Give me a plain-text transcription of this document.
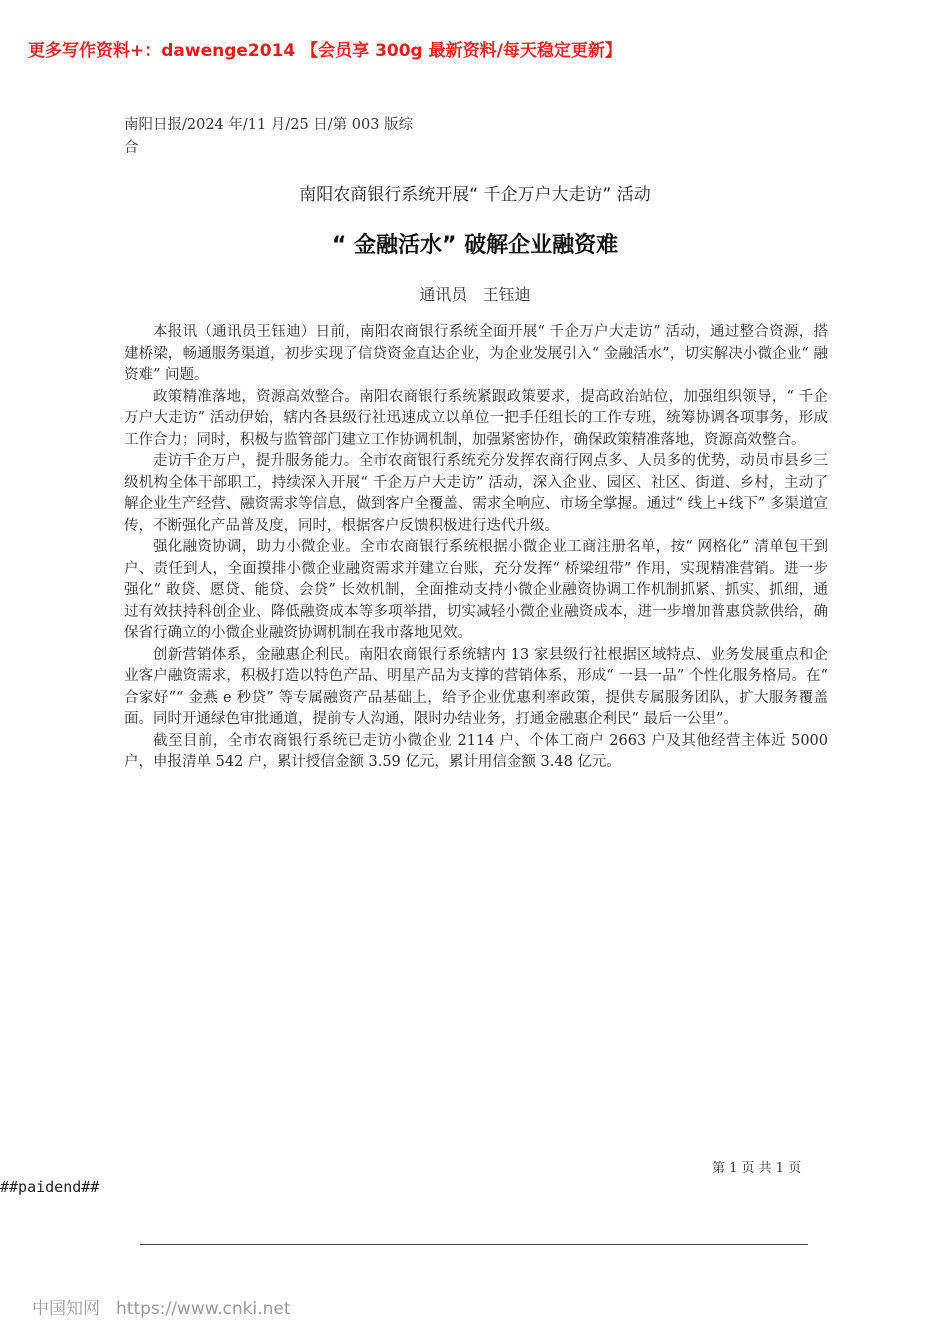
更多写作资料+：dawenge2014 【会员享 300g 最新资料/每天稳定更新】
南阳日报/2024 年/11 月/25 日/第 003 版综合
南阳农商银行系统开展“ 千企万户大走访” 活动
“ 金融活水” 破解企业融资难
通讯员   王钰迪

本报讯（通讯员王钰迪）日前，南阳农商银行系统全面开展“ 千企万户大走访” 活动，通过整合资源，搭建桥梁，畅通服务渠道，初步实现了信贷资金直达企业，为企业发展引入“ 金融活水”，切实解决小微企业“ 融资难” 问题。

政策精准落地，资源高效整合。南阳农商银行系统紧跟政策要求，提高政治站位，加强组织领导，“ 千企万户大走访” 活动伊始，辖内各县级行社迅速成立以单位一把手任组长的工作专班，统筹协调各项事务，形成工作合力；同时，积极与监管部门建立工作协调机制，加强紧密协作，确保政策精准落地，资源高效整合。

走访千企万户，提升服务能力。全市农商银行系统充分发挥农商行网点多、人员多的优势，动员市县乡三级机构全体干部职工，持续深入开展“ 千企万户大走访” 活动，深入企业、园区、社区、街道、乡村，主动了解企业生产经营、融资需求等信息，做到客户全覆盖、需求全响应、市场全掌握。通过“ 线上+线下” 多渠道宣传，不断强化产品普及度，同时，根据客户反馈积极进行迭代升级。

强化融资协调，助力小微企业。全市农商银行系统根据小微企业工商注册名单，按“ 网格化” 清单包干到户、责任到人，全面摸排小微企业融资需求并建立台账，充分发挥“ 桥梁纽带” 作用，实现精准营销。进一步强化“ 敢贷、愿贷、能贷、会贷” 长效机制，全面推动支持小微企业融资协调工作机制抓紧、抓实、抓细，通过有效扶持科创企业、降低融资成本等多项举措，切实减轻小微企业融资成本，进一步增加普惠贷款供给，确保省行确立的小微企业融资协调机制在我市落地见效。

创新营销体系，金融惠企利民。南阳农商银行系统辖内 13 家县级行社根据区域特点、业务发展重点和企业客户融资需求，积极打造以特色产品、明星产品为支撑的营销体系，形成“ 一县一品” 个性化服务格局。在“ 合家好”“ 金燕 e 秒贷” 等专属融资产品基础上，给予企业优惠利率政策，提供专属服务团队，扩大服务覆盖面。同时开通绿色审批通道，提前专人沟通，限时办结业务，打通金融惠企利民“ 最后一公里”。

截至目前，全市农商银行系统已走访小微企业 2114 户、个体工商户 2663 户及其他经营主体近 5000 户，申报清单 542 户，累计授信金额 3.59 亿元，累计用信金额 3.48 亿元。

第 1 页 共 1 页
##paidend##
中国知网 https://www.cnki.net
